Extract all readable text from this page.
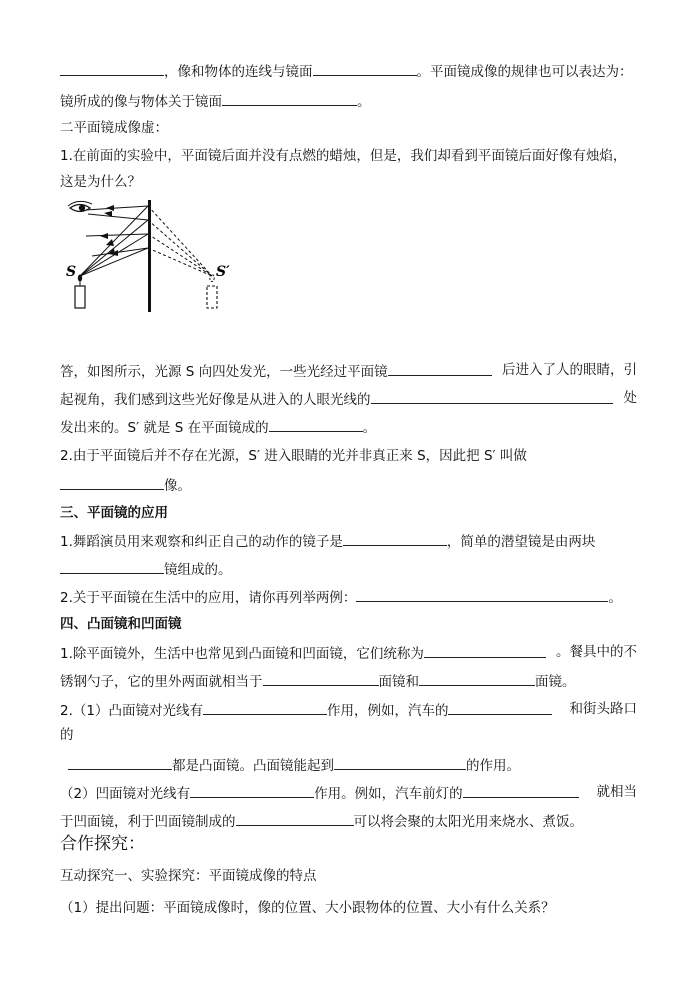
，像和物体的连线与镜面	。平面镜成像的规律也可以表达为：
镜所成的像与物体关于镜面	。
二平面镜成像虚：
1.在前面的实验中，平面镜后面并没有点燃的蜡烛，但是，我们却看到平面镜后面好像有烛焰，
这是为什么？
S	S′
答，如图所示，光源 S 向四处发光，一些光经过平面镜	后进入了人的眼睛，引
起视角，我们感到这些光好像是从进入的人眼光线的	处
发出来的。S′ 就是 S 在平面镜成的	。
2.由于平面镜后并不存在光源，S′ 进入眼睛的光并非真正来 S，因此把 S′ 叫做
像。
三、平面镜的应用
1.舞蹈演员用来观察和纠正自己的动作的镜子是	，简单的潜望镜是由两块
镜组成的。
2.关于平面镜在生活中的应用，请你再列举两例：	。
四、凸面镜和凹面镜
1.除平面镜外，生活中也常见到凸面镜和凹面镜，它们统称为	。餐具中的不
锈钢勺子，它的里外两面就相当于	面镜和	面镜。
2.（1）凸面镜对光线有	作用，例如，汽车的	和街头路口
的
都是凸面镜。凸面镜能起到	的作用。
（2）凹面镜对光线有	作用。例如，汽车前灯的	就相当
于凹面镜，利于凹面镜制成的	可以将会聚的太阳光用来烧水、煮饭。
合作探究：
互动探究一、实验探究：平面镜成像的特点
（1）提出问题：平面镜成像时，像的位置、大小跟物体的位置、大小有什么关系？
